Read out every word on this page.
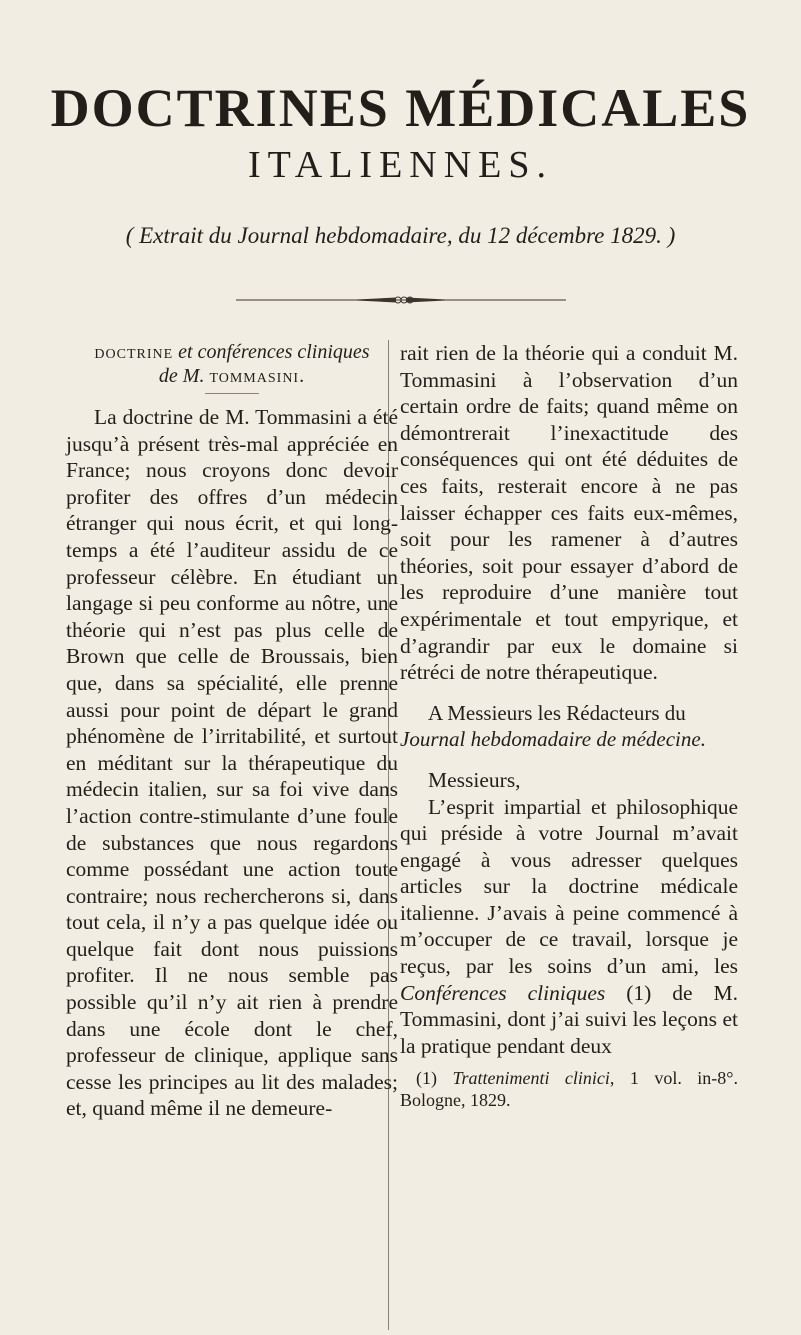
DOCTRINES MÉDICALES
ITALIENNES.
( Extrait du Journal hebdomadaire, du 12 décembre 1829. )

doctrine et conférences cliniques

de M. tommasini.

La doctrine de M. Tommasini a été jusqu’à présent très-mal appréciée en France; nous croyons donc devoir profiter des offres d’un médecin étranger qui nous écrit, et qui long-temps a été l’auditeur assidu de ce professeur célèbre. En étudiant un langage si peu conforme au nôtre, une théorie qui n’est pas plus celle de Brown que celle de Broussais, bien que, dans sa spécialité, elle prenne aussi pour point de départ le grand phénomène de l’irritabilité, et surtout en méditant sur la thérapeutique du médecin italien, sur sa foi vive dans l’action contre-stimulante d’une foule de substances que nous regardons comme possédant une action toute contraire; nous rechercherons si, dans tout cela, il n’y a pas quelque idée ou quelque fait dont nous puissions profiter. Il ne nous semble pas possible qu’il n’y ait rien à prendre dans une école dont le chef, professeur de clinique, applique sans cesse les principes au lit des malades; et, quand même il ne demeure-

rait rien de la théorie qui a conduit M. Tommasini à l’observation d’un certain ordre de faits; quand même on démontrerait l’inexactitude des conséquences qui ont été déduites de ces faits, resterait encore à ne pas laisser échapper ces faits eux-mêmes, soit pour les ramener à d’autres théories, soit pour essayer d’abord de les reproduire d’une manière tout expérimentale et tout empyrique, et d’agrandir par eux le domaine si rétréci de notre thérapeutique.

A Messieurs les Rédacteurs du Journal hebdomadaire de médecine.

Messieurs,

L’esprit impartial et philosophique qui préside à votre Journal m’avait engagé à vous adresser quelques articles sur la doctrine médicale italienne. J’avais à peine commencé à m’occuper de ce travail, lorsque je reçus, par les soins d’un ami, les Conférences cliniques (1) de M. Tommasini, dont j’ai suivi les leçons et la pratique pendant deux

(1) Trattenimenti clinici, 1 vol. in-8°. Bologne, 1829.
